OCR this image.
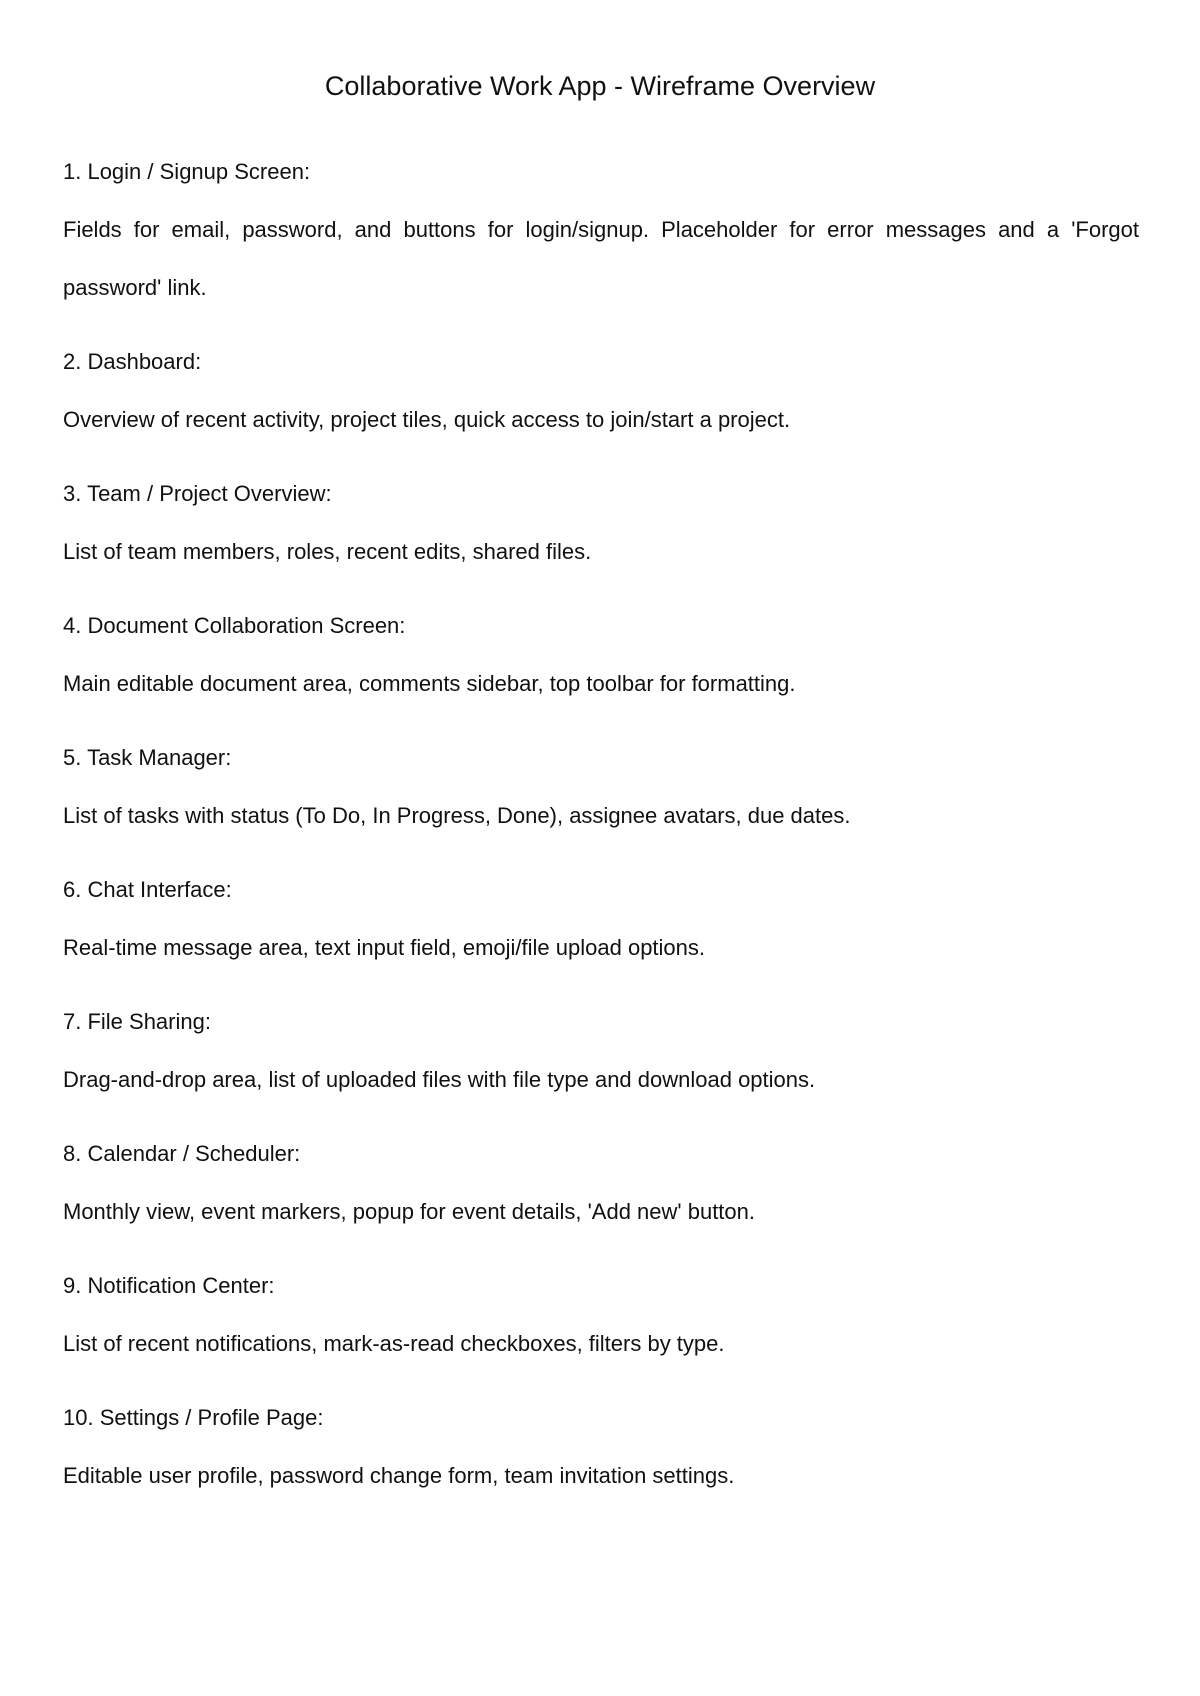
Collaborative Work App - Wireframe Overview
1. Login / Signup Screen:
Fields for email, password, and buttons for login/signup. Placeholder for error messages and a 'Forgot password' link.
2. Dashboard:
Overview of recent activity, project tiles, quick access to join/start a project.
3. Team / Project Overview:
List of team members, roles, recent edits, shared files.
4. Document Collaboration Screen:
Main editable document area, comments sidebar, top toolbar for formatting.
5. Task Manager:
List of tasks with status (To Do, In Progress, Done), assignee avatars, due dates.
6. Chat Interface:
Real-time message area, text input field, emoji/file upload options.
7. File Sharing:
Drag-and-drop area, list of uploaded files with file type and download options.
8. Calendar / Scheduler:
Monthly view, event markers, popup for event details, 'Add new' button.
9. Notification Center:
List of recent notifications, mark-as-read checkboxes, filters by type.
10. Settings / Profile Page:
Editable user profile, password change form, team invitation settings.
